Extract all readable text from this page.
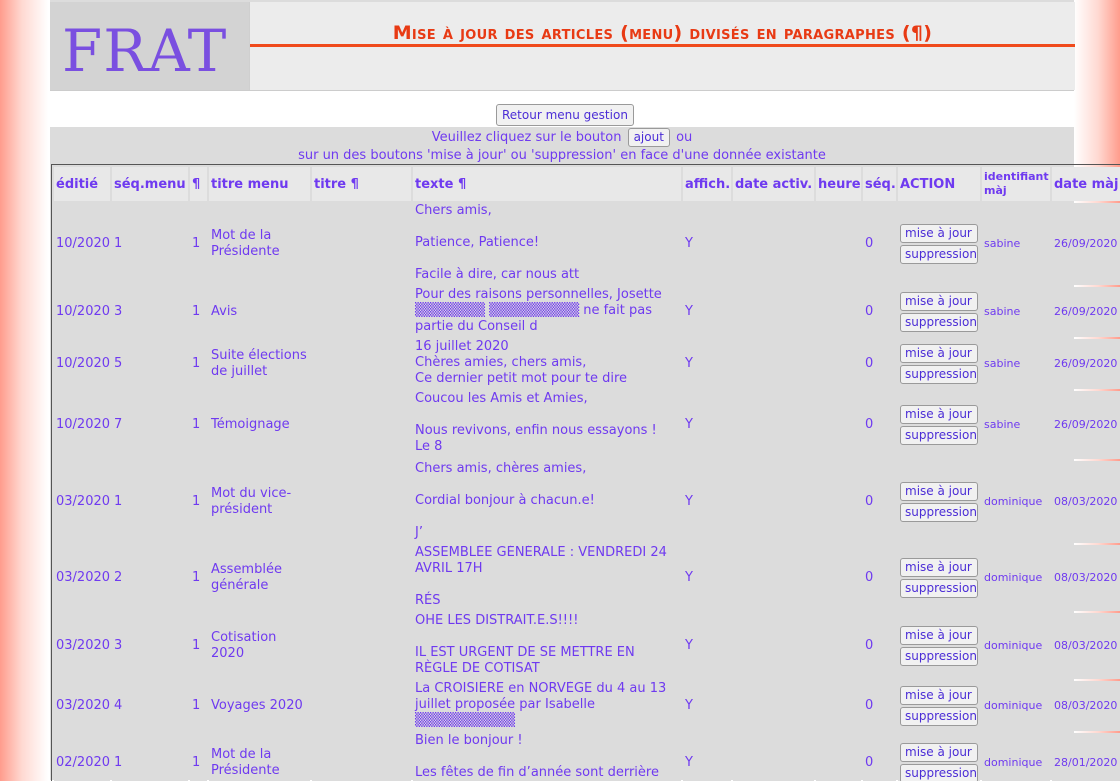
FRAT	Mise à jour des articles (menu) divisés en paragraphes (¶)
Retour menu gestion
Veuillez cliquez sur le bouton ajout ou
sur un des boutons 'mise à jour' ou 'suppression' en face d'une donnée existante
éditié	séq.menu	¶	titre menu	titre ¶	texte ¶	affich.	date activ.	heure	séq.	ACTION	identifiant màj	date màj
10/2020	1	1	Mot de la Présidente		Chers amis,

Patience, Patience!

Facile à dire, car nous att	Y			0	mise à jour
suppression	sabine	26/09/2020
10/2020	3	1	Avis		Pour des raisons personnelles, Josette ▒▒▒▒▒▒▒ ▒▒▒▒▒▒▒▒▒ ne fait pas partie du Conseil d	Y			0	mise à jour
suppression	sabine	26/09/2020
10/2020	5	1	Suite élections de juillet		16 juillet 2020
Chères amies, chers amis,
Ce dernier petit mot pour te dire	Y			0	mise à jour
suppression	sabine	26/09/2020
10/2020	7	1	Témoignage		Coucou les Amis et Amies,

Nous revivons, enfin nous essayons !
Le 8	Y			0	mise à jour
suppression	sabine	26/09/2020
03/2020	1	1	Mot du vice-président		Chers amis, chères amies,

Cordial bonjour à chacun.e!

J’	Y			0	mise à jour
suppression	dominique	08/03/2020
03/2020	2	1	Assemblée générale		ASSEMBLÉE GÉNÉRALE : VENDREDI 24 AVRIL 17H

RÉS	Y			0	mise à jour
suppression	dominique	08/03/2020
03/2020	3	1	Cotisation 2020		OHE LES DISTRAIT.E.S!!!!

IL EST URGENT DE SE METTRE EN RÈGLE DE COTISAT	Y			0	mise à jour
suppression	dominique	08/03/2020
03/2020	4	1	Voyages 2020		La CROISIÈRE en NORVÈGE du 4 au 13 juillet proposée par Isabelle ▒▒▒▒▒▒▒▒▒▒	Y			0	mise à jour
suppression	dominique	08/03/2020
02/2020	1	1	Mot de la Présidente		Bien le bonjour !

Les fêtes de fin d’année sont derrière	Y			0	mise à jour
suppression	dominique	28/01/2020
